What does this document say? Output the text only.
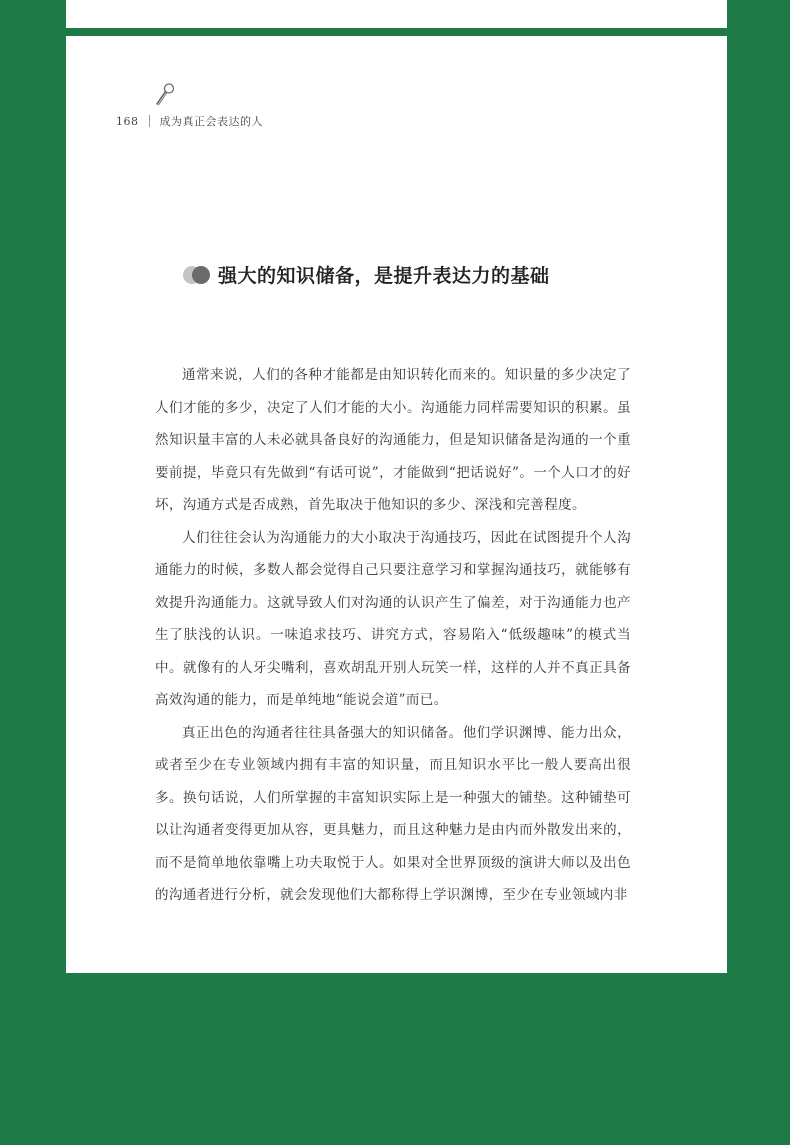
168 成为真正会表达的人
强大的知识储备，是提升表达力的基础

通常来说，人们的各种才能都是由知识转化而来的。知识量的多少决定了人们才能的多少，决定了人们才能的大小。沟通能力同样需要知识的积累。虽然知识量丰富的人未必就具备良好的沟通能力，但是知识储备是沟通的一个重要前提，毕竟只有先做到“有话可说”，才能做到“把话说好”。一个人口才的好坏，沟通方式是否成熟，首先取决于他知识的多少、深浅和完善程度。

人们往往会认为沟通能力的大小取决于沟通技巧，因此在试图提升个人沟通能力的时候，多数人都会觉得自己只要注意学习和掌握沟通技巧，就能够有效提升沟通能力。这就导致人们对沟通的认识产生了偏差，对于沟通能力也产生了肤浅的认识。一味追求技巧、讲究方式，容易陷入“低级趣味”的模式当中。就像有的人牙尖嘴利，喜欢胡乱开别人玩笑一样，这样的人并不真正具备高效沟通的能力，而是单纯地“能说会道”而已。

真正出色的沟通者往往具备强大的知识储备。他们学识渊博、能力出众，或者至少在专业领域内拥有丰富的知识量，而且知识水平比一般人要高出很多。换句话说，人们所掌握的丰富知识实际上是一种强大的铺垫。这种铺垫可以让沟通者变得更加从容，更具魅力，而且这种魅力是由内而外散发出来的，而不是简单地依靠嘴上功夫取悦于人。如果对全世界顶级的演讲大师以及出色的沟通者进行分析，就会发现他们大都称得上学识渊博，至少在专业领域内非
